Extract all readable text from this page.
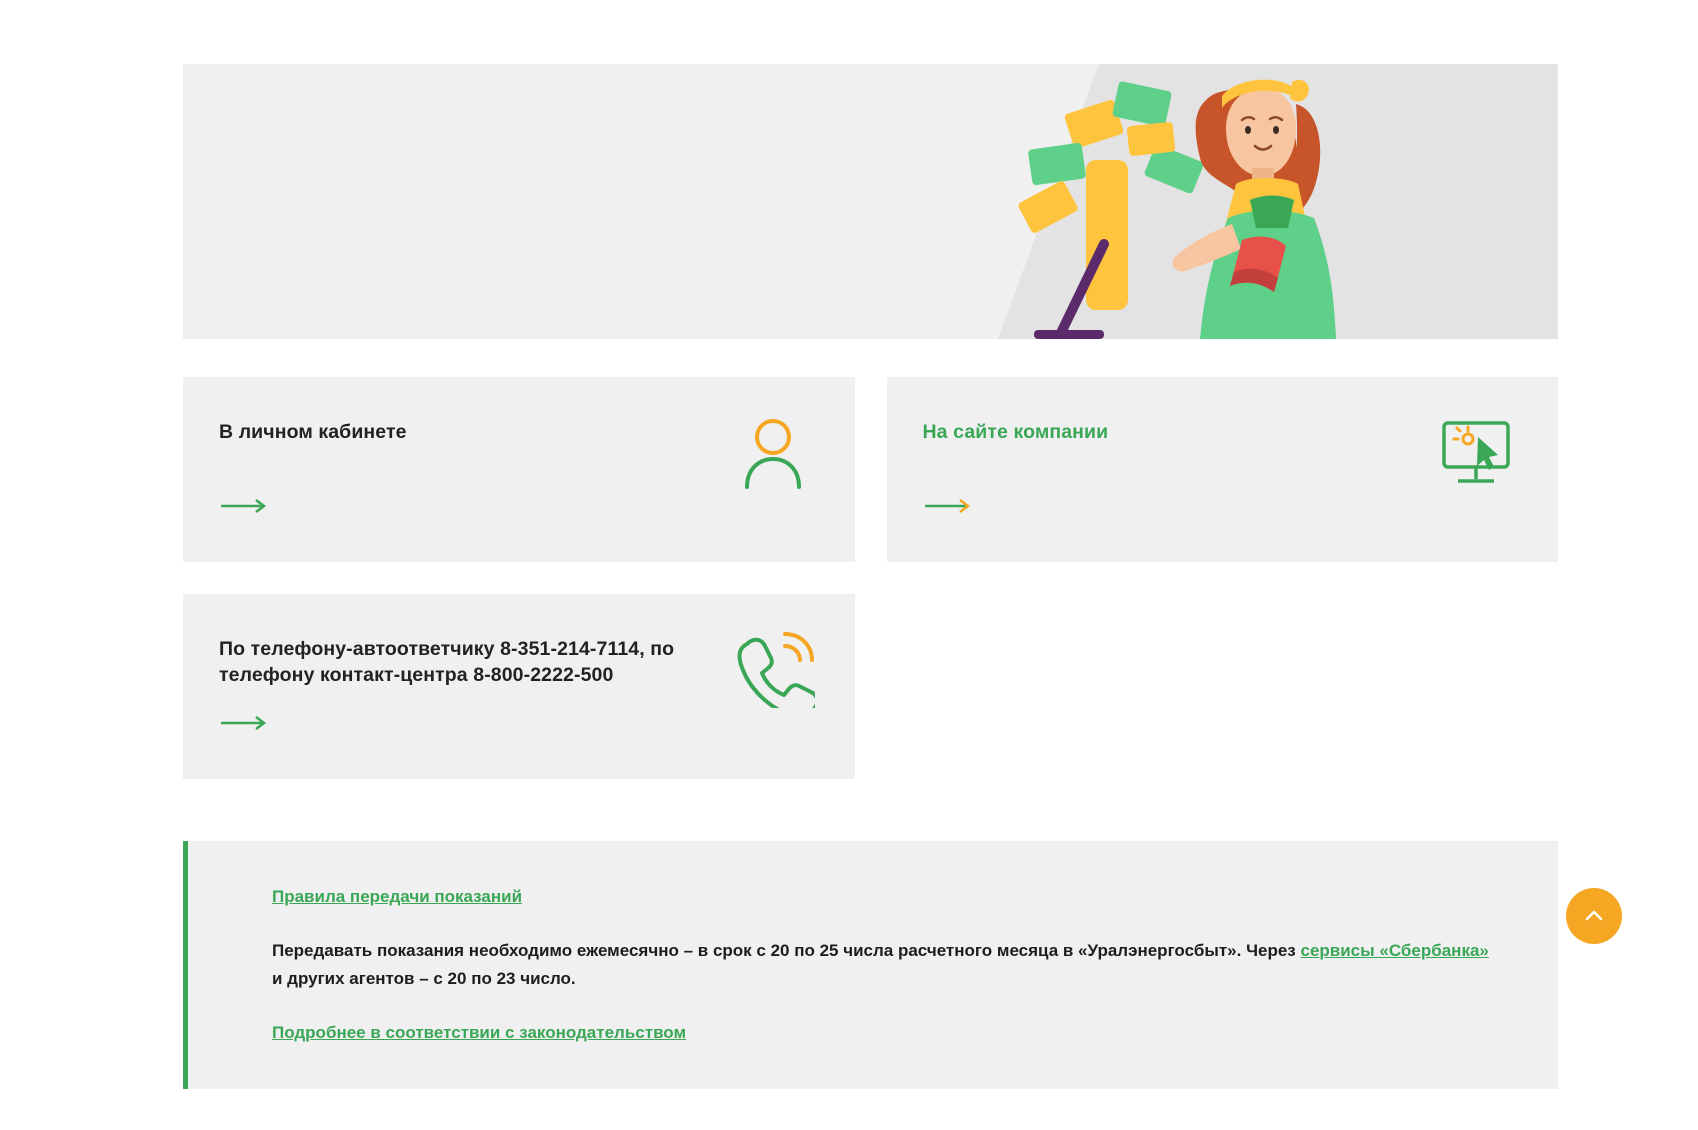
В личном кабинете	На сайте компании
По телефону-автоответчику 8-351-214-7114, по телефону контакт-центра 8-800-2222-500
Правила передачи показаний

Передавать показания необходимо ежемесячно – в срок с 20 по 25 числа расчетного месяца в «Уралэнергосбыт». Через сервисы «Сбербанка» и других агентов – с 20 по 23 число.

Подробнее в соответствии с законодательством
